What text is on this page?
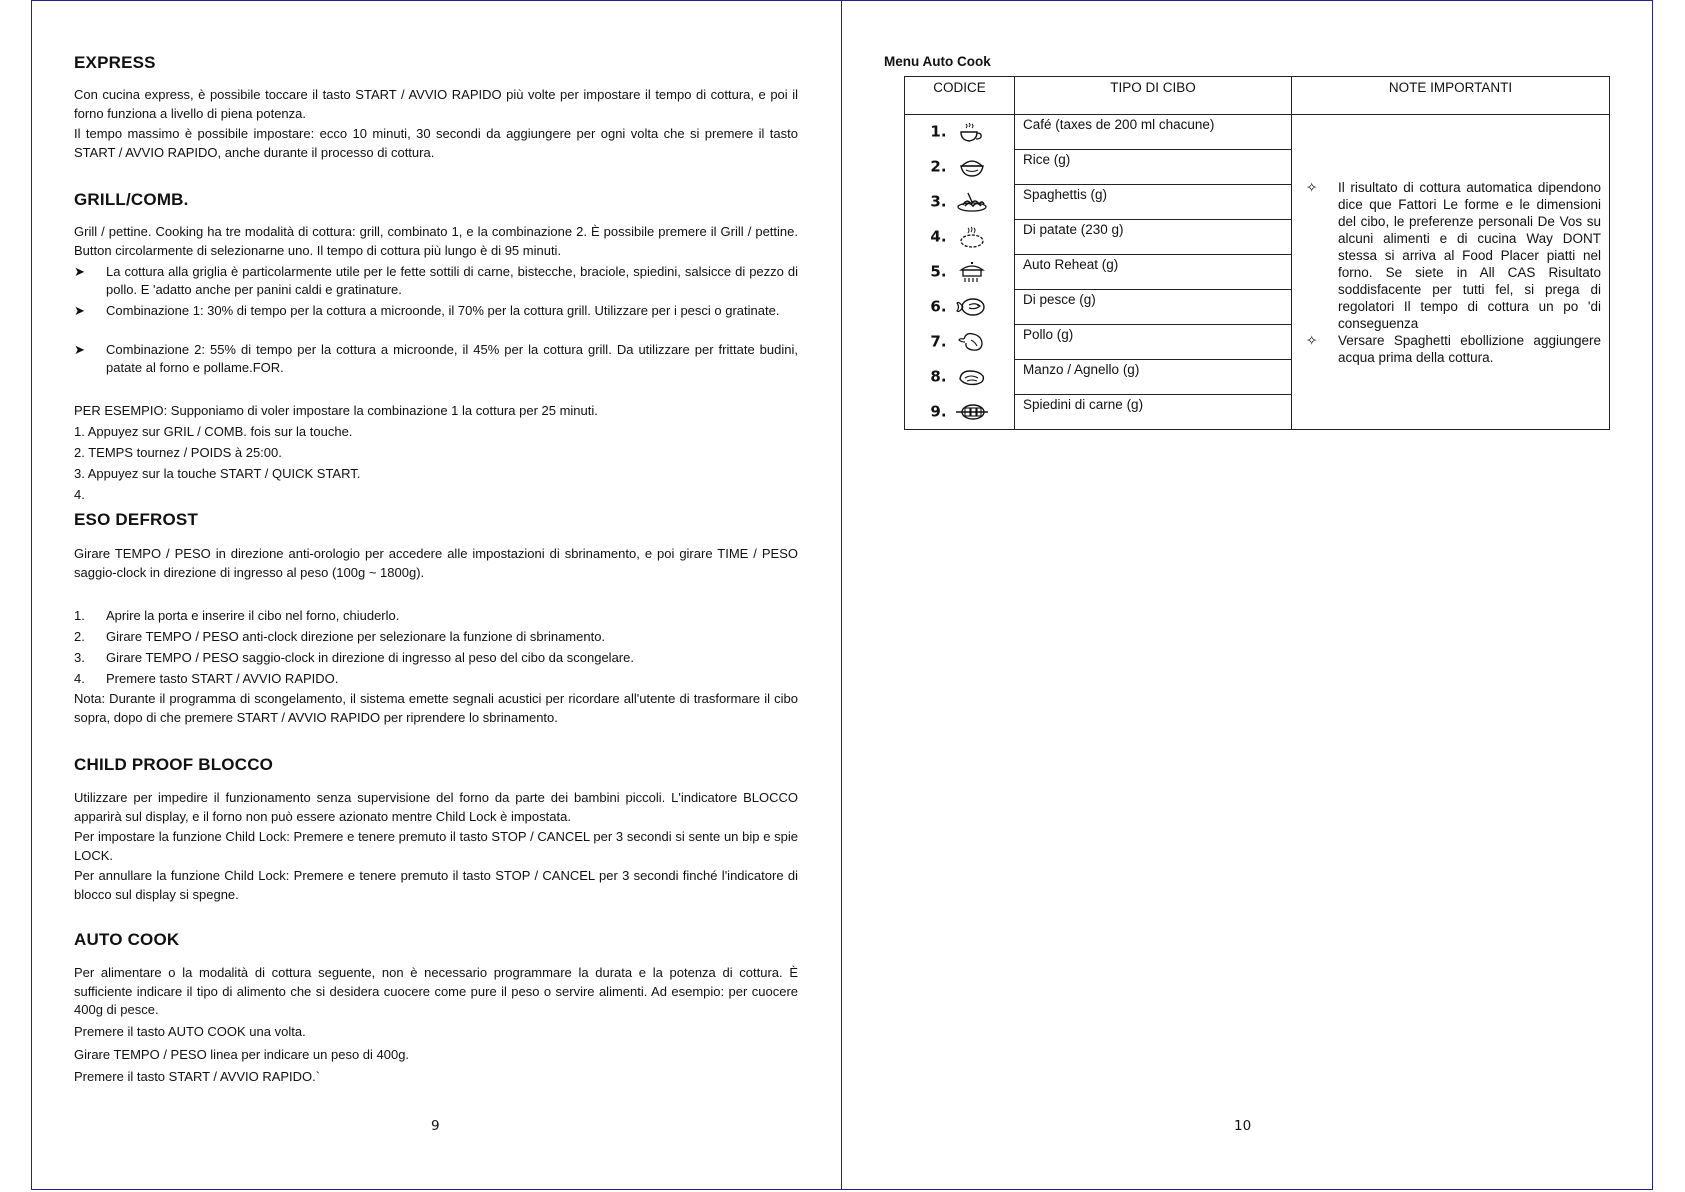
EXPRESS

Con cucina express, è possibile toccare il tasto START / AVVIO RAPIDO più volte per impostare il tempo di cottura, e poi il forno funziona a livello di piena potenza.

Il tempo massimo è possibile impostare: ecco 10 minuti, 30 secondi da aggiungere per ogni volta che si premere il tasto START / AVVIO RAPIDO, anche durante il processo di cottura.

GRILL/COMB.

Grill / pettine. Cooking ha tre modalità di cottura: grill, combinato 1, e la combinazione 2. È possibile premere il Grill / pettine. Button circolarmente di selezionarne uno. Il tempo di cottura più lungo è di 95 minuti.

➤ La cottura alla griglia è particolarmente utile per le fette sottili di carne, bistecche, braciole, spiedini, salsicce di pezzo di pollo. E 'adatto anche per panini caldi e gratinature.
➤ Combinazione 1: 30% di tempo per la cottura a microonde, il 70% per la cottura grill. Utilizzare per i pesci o gratinate.
➤ Combinazione 2: 55% di tempo per la cottura a microonde, il 45% per la cottura grill. Da utilizzare per frittate budini, patate al forno e pollame.FOR.
PER ESEMPIO: Supponiamo di voler impostare la combinazione 1 la cottura per 25 minuti.
1. Appuyez sur GRIL / COMB. fois sur la touche.
2. TEMPS tournez / POIDS à 25:00.
3. Appuyez sur la touche START / QUICK START.
4.
ESO DEFROST

Girare TEMPO / PESO in direzione anti-orologio per accedere alle impostazioni di sbrinamento, e poi girare TIME / PESO saggio-clock in direzione di ingresso al peso (100g ~ 1800g).

1. Aprire la porta e inserire il cibo nel forno, chiuderlo.
2. Girare TEMPO / PESO anti-clock direzione per selezionare la funzione di sbrinamento.
3. Girare TEMPO / PESO saggio-clock in direzione di ingresso al peso del cibo da scongelare.
4. Premere tasto START / AVVIO RAPIDO.

Nota: Durante il programma di scongelamento, il sistema emette segnali acustici per ricordare all'utente di trasformare il cibo sopra, dopo di che premere START / AVVIO RAPIDO per riprendere lo sbrinamento.

CHILD PROOF BLOCCO

Utilizzare per impedire il funzionamento senza supervisione del forno da parte dei bambini piccoli. L'indicatore BLOCCO apparirà sul display, e il forno non può essere azionato mentre Child Lock è impostata.

Per impostare la funzione Child Lock: Premere e tenere premuto il tasto STOP / CANCEL per 3 secondi si sente un bip e spie LOCK.

Per annullare la funzione Child Lock: Premere e tenere premuto il tasto STOP / CANCEL per 3 secondi finché l'indicatore di blocco sul display si spegne.

AUTO COOK

Per alimentare o la modalità di cottura seguente, non è necessario programmare la durata e la potenza di cottura. È sufficiente indicare il tipo di alimento che si desidera cuocere come pure il peso o servire alimenti. Ad esempio: per cuocere 400g di pesce.

Premere il tasto AUTO COOK una volta.
Girare TEMPO / PESO linea per indicare un peso di 400g.
Premere il tasto START / AVVIO RAPIDO.`
9
Menu Auto Cook
CODICE	TIPO DI CIBO	NOTE IMPORTANTI
1.	Café (taxes de 200 ml chacune)	✧ Il risultato di cottura automatica dipendono dice que Fattori Le forme e le dimensioni del cibo, le preferenze personali De Vos su alcuni alimenti e di cucina Way DONT stessa si arriva al Food Placer piatti nel forno. Se siete in All CAS Risultato soddisfacente per tutti fel, si prega di regolatori Il tempo di cottura un po 'di conseguenza
✧ Versare Spaghetti ebollizione aggiungere acqua prima della cottura.

2.	Rice (g)	
3.	Spaghettis (g)	
4.	Di patate (230 g)	
5.	Auto Reheat (g)	
6.	Di pesce (g)	
7.	Pollo (g)	
8.	Manzo / Agnello (g)	
9.	Spiedini di carne (g)	
10
